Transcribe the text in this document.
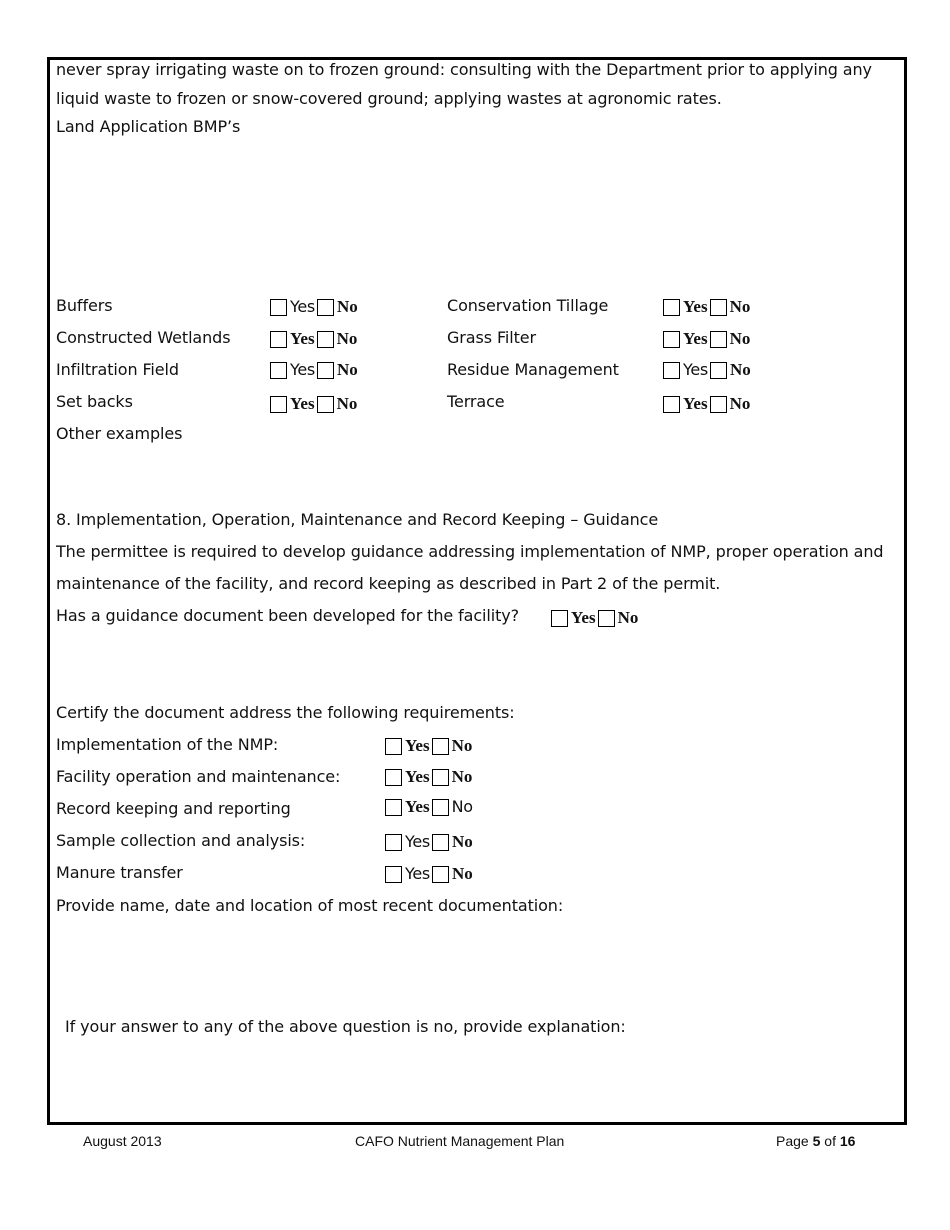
never spray irrigating waste on to frozen ground: consulting with the Department prior to applying any
liquid waste to frozen or snow-covered ground; applying wastes at agronomic rates.
Land Application BMP’s
Buffers	Yes No	Conservation Tillage	Yes No
Constructed Wetlands	Yes No	Grass Filter	Yes No
Infiltration Field	Yes No	Residue Management	Yes No
Set backs	Yes No	Terrace	Yes No
Other examples
8. Implementation, Operation, Maintenance and Record Keeping – Guidance
The permittee is required to develop guidance addressing implementation of NMP, proper operation and
maintenance of the facility, and record keeping as described in Part 2 of the permit.
Has a guidance document been developed for the facility?	Yes No
Certify the document address the following requirements:
Implementation of the NMP:	Yes No
Facility operation and maintenance:	Yes No
Record keeping and reporting	Yes No
Sample collection and analysis:	Yes No
Manure transfer	Yes No
Provide name, date and location of most recent documentation:
If your answer to any of the above question is no, provide explanation:
August 2013	CAFO Nutrient Management Plan	Page 5 of 16
